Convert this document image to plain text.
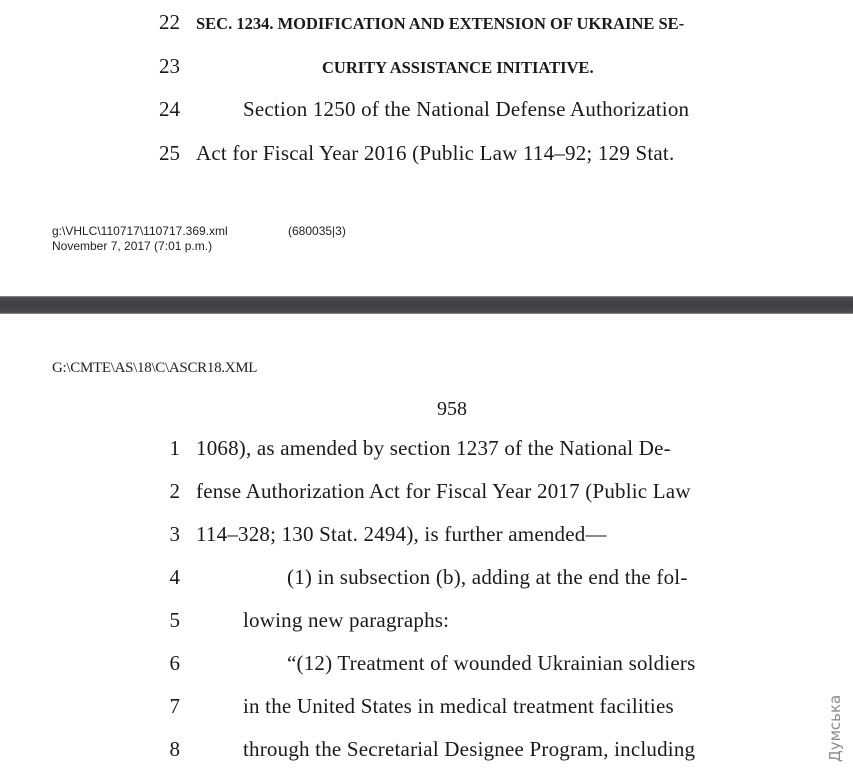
22 SEC. 1234. MODIFICATION AND EXTENSION OF UKRAINE SE-
23	CURITY ASSISTANCE INITIATIVE.
24	Section 1250 of the National Defense Authorization
25 Act for Fiscal Year 2016 (Public Law 114–92; 129 Stat.
g:\VHLC\110717\110717.369.xml	(680035|3)
November 7, 2017 (7:01 p.m.)
G:\CMTE\AS\18\C\ASCR18.XML
958
1 1068), as amended by section 1237 of the National De-
2 fense Authorization Act for Fiscal Year 2017 (Public Law
3 114–328; 130 Stat. 2494), is further amended—
4	(1) in subsection (b), adding at the end the fol-
5	lowing new paragraphs:
6	“(12) Treatment of wounded Ukrainian soldiers
7	in the United States in medical treatment facilities
8	through the Secretarial Designee Program, including	Думська
